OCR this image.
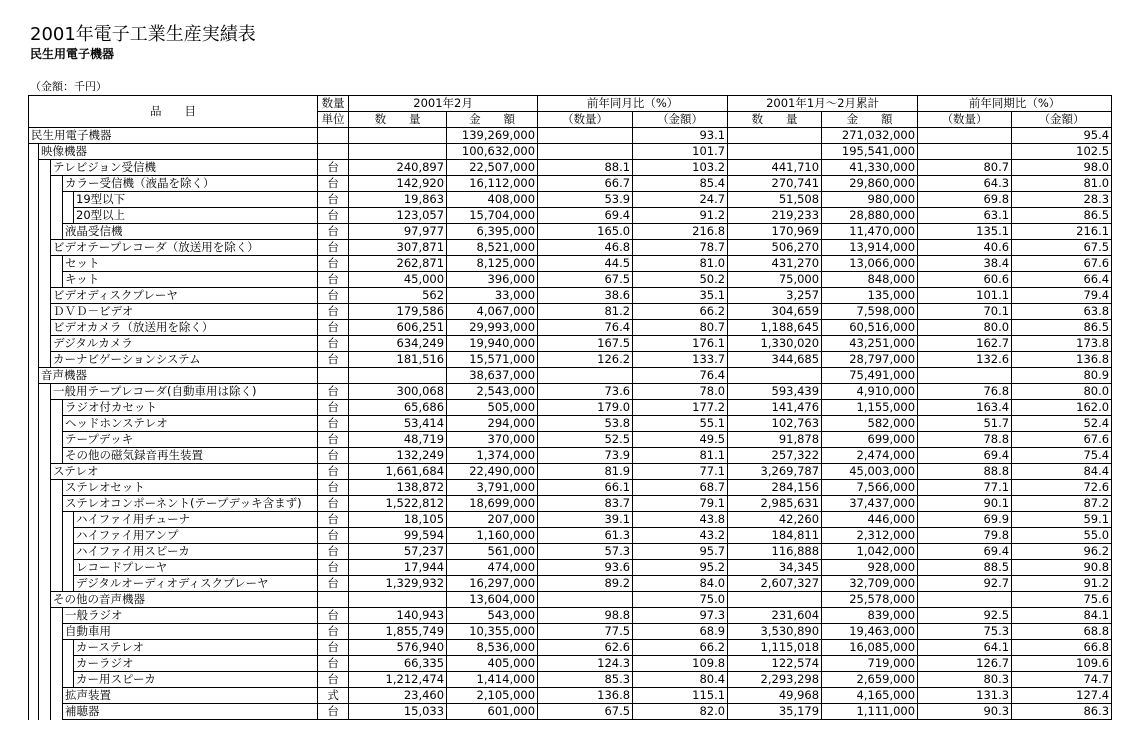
2001年電子工業生産実績表
民生用電子機器
（金額：千円）
品　　目					数量	2001年2月		前年同月比（%）		2001年1月～2月累計		前年同期比（%）	
					単位	数　　量	金　　額	（数量）	（金額）	数　　量	金　　額	（数量）	（金額）
民生用電子機器							139,269,000		93.1		271,032,000		95.4
	映像機器						100,632,000		101.7		195,541,000		102.5
		テレビジョン受信機			台	240,897	22,507,000	88.1	103.2	441,710	41,330,000	80.7	98.0
			カラー受信機（液晶を除く）		台	142,920	16,112,000	66.7	85.4	270,741	29,860,000	64.3	81.0
				19型以下	台	19,863	408,000	53.9	24.7	51,508	980,000	69.8	28.3
				20型以上	台	123,057	15,704,000	69.4	91.2	219,233	28,880,000	63.1	86.5
			液晶受信機		台	97,977	6,395,000	165.0	216.8	170,969	11,470,000	135.1	216.1
		ビデオテープレコーダ（放送用を除く）			台	307,871	8,521,000	46.8	78.7	506,270	13,914,000	40.6	67.5
			セット		台	262,871	8,125,000	44.5	81.0	431,270	13,066,000	38.4	67.6
			キット		台	45,000	396,000	67.5	50.2	75,000	848,000	60.6	66.4
		ビデオディスクプレーヤ			台	562	33,000	38.6	35.1	3,257	135,000	101.1	79.4
		ＤＶＤ－ビデオ			台	179,586	4,067,000	81.2	66.2	304,659	7,598,000	70.1	63.8
		ビデオカメラ（放送用を除く）			台	606,251	29,993,000	76.4	80.7	1,188,645	60,516,000	80.0	86.5
		デジタルカメラ			台	634,249	19,940,000	167.5	176.1	1,330,020	43,251,000	162.7	173.8
		カーナビゲーションシステム			台	181,516	15,571,000	126.2	133.7	344,685	28,797,000	132.6	136.8
	音声機器						38,637,000		76.4		75,491,000		80.9
		一般用テープレコーダ(自動車用は除く)			台	300,068	2,543,000	73.6	78.0	593,439	4,910,000	76.8	80.0
			ラジオ付カセット		台	65,686	505,000	179.0	177.2	141,476	1,155,000	163.4	162.0
			ヘッドホンステレオ		台	53,414	294,000	53.8	55.1	102,763	582,000	51.7	52.4
			テープデッキ		台	48,719	370,000	52.5	49.5	91,878	699,000	78.8	67.6
			その他の磁気録音再生装置		台	132,249	1,374,000	73.9	81.1	257,322	2,474,000	69.4	75.4
		ステレオ			台	1,661,684	22,490,000	81.9	77.1	3,269,787	45,003,000	88.8	84.4
			ステレオセット		台	138,872	3,791,000	66.1	68.7	284,156	7,566,000	77.1	72.6
			ステレオコンポーネント(テープデッキ含まず)		台	1,522,812	18,699,000	83.7	79.1	2,985,631	37,437,000	90.1	87.2
				ハイファイ用チューナ	台	18,105	207,000	39.1	43.8	42,260	446,000	69.9	59.1
				ハイファイ用アンプ	台	99,594	1,160,000	61.3	43.2	184,811	2,312,000	79.8	55.0
				ハイファイ用スピーカ	台	57,237	561,000	57.3	95.7	116,888	1,042,000	69.4	96.2
				レコードプレーヤ	台	17,944	474,000	93.6	95.2	34,345	928,000	88.5	90.8
				デジタルオーディオディスクプレーヤ	台	1,329,932	16,297,000	89.2	84.0	2,607,327	32,709,000	92.7	91.2
		その他の音声機器					13,604,000		75.0		25,578,000		75.6
			一般ラジオ		台	140,943	543,000	98.8	97.3	231,604	839,000	92.5	84.1
			自動車用		台	1,855,749	10,355,000	77.5	68.9	3,530,890	19,463,000	75.3	68.8
				カーステレオ	台	576,940	8,536,000	62.6	66.2	1,115,018	16,085,000	64.1	66.8
				カーラジオ	台	66,335	405,000	124.3	109.8	122,574	719,000	126.7	109.6
				カー用スピーカ	台	1,212,474	1,414,000	85.3	80.4	2,293,298	2,659,000	80.3	74.7
			拡声装置		式	23,460	2,105,000	136.8	115.1	49,968	4,165,000	131.3	127.4
			補聴器		台	15,033	601,000	67.5	82.0	35,179	1,111,000	90.3	86.3
